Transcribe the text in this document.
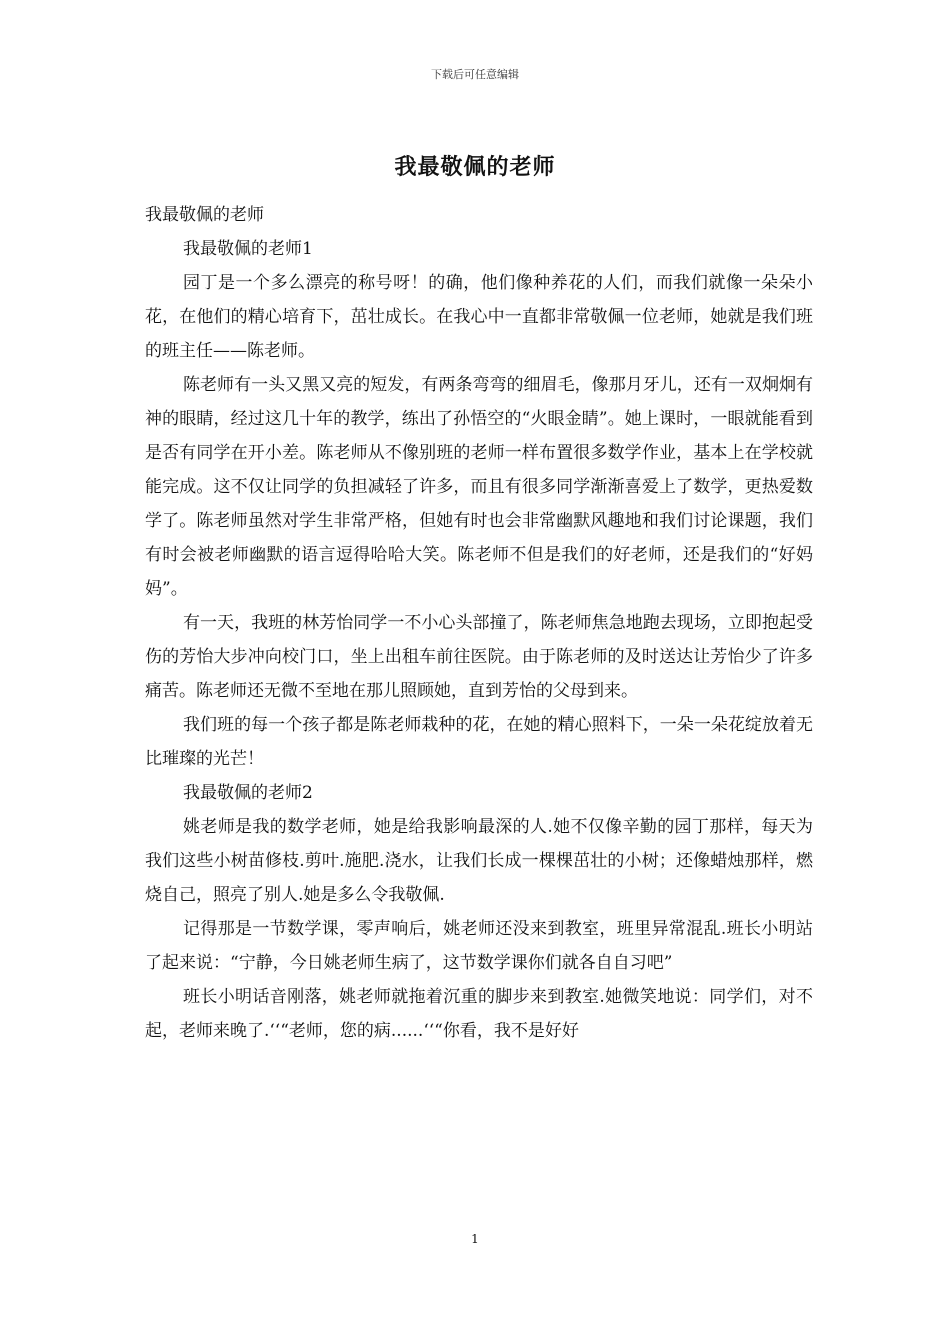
下载后可任意编辑
我最敬佩的老师

我最敬佩的老师

我最敬佩的老师1

园丁是一个多么漂亮的称号呀！的确，他们像种养花的人们，而我们就像一朵朵小花，在他们的精心培育下，茁壮成长。在我心中一直都非常敬佩一位老师，她就是我们班的班主任——陈老师。

陈老师有一头又黑又亮的短发，有两条弯弯的细眉毛，像那月牙儿，还有一双炯炯有神的眼睛，经过这几十年的教学，练出了孙悟空的“火眼金睛”。她上课时，一眼就能看到是否有同学在开小差。陈老师从不像别班的老师一样布置很多数学作业，基本上在学校就能完成。这不仅让同学的负担减轻了许多，而且有很多同学渐渐喜爱上了数学，更热爱数学了。陈老师虽然对学生非常严格，但她有时也会非常幽默风趣地和我们讨论课题，我们有时会被老师幽默的语言逗得哈哈大笑。陈老师不但是我们的好老师，还是我们的“好妈妈”。

有一天，我班的林芳怡同学一不小心头部撞了，陈老师焦急地跑去现场，立即抱起受伤的芳怡大步冲向校门口，坐上出租车前往医院。由于陈老师的及时送达让芳怡少了许多痛苦。陈老师还无微不至地在那儿照顾她，直到芳怡的父母到来。

我们班的每一个孩子都是陈老师栽种的花，在她的精心照料下，一朵一朵花绽放着无比璀璨的光芒！

我最敬佩的老师2

姚老师是我的数学老师，她是给我影响最深的人.她不仅像辛勤的园丁那样，每天为我们这些小树苗修枝.剪叶.施肥.浇水，让我们长成一棵棵茁壮的小树；还像蜡烛那样，燃烧自己，照亮了别人.她是多么令我敬佩.

记得那是一节数学课，零声响后，姚老师还没来到教室，班里异常混乱.班长小明站了起来说：“宁静，今日姚老师生病了，这节数学课你们就各自自习吧”

班长小明话音刚落，姚老师就拖着沉重的脚步来到教室.她微笑地说：同学们，对不起，老师来晚了.‘‘“老师，您的病......‘‘“你看，我不是好好

1
